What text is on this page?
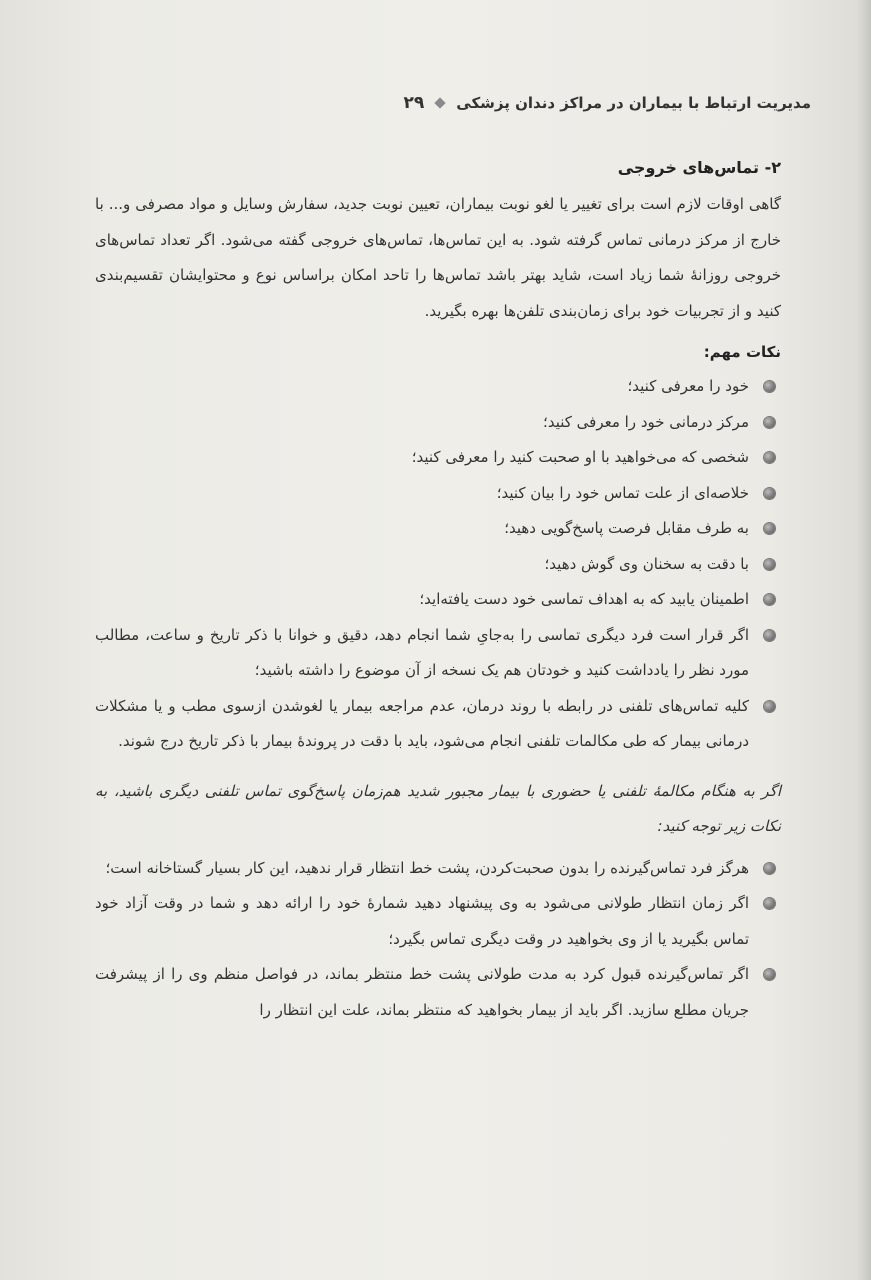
۲۹ مدیریت ارتباط با بیماران در مراکز دندان پزشکی
۲- تماس‌های خروجی

گاهی اوقات لازم است برای تغییر یا لغو نوبت بیماران، تعیین نوبت جدید، سفارش وسایل و مواد مصرفی و... با خارج از مرکز درمانی تماس گرفته شود. به این تماس‌ها، تماس‌های خروجی گفته می‌شود. اگر تعداد تماس‌های خروجی روزانهٔ شما زیاد است، شاید بهتر باشد تماس‌ها را تاحد امکان براساس نوع و محتوایشان تقسیم‌بندی کنید و از تجربیات خود برای زمان‌بندی تلفن‌ها بهره بگیرید.

نکات مهم:
خود را معرفی کنید؛
مرکز درمانی خود را معرفی کنید؛
شخصی که می‌خواهید با او صحبت کنید را معرفی کنید؛
خلاصه‌ای از علت تماس خود را بیان کنید؛
به طرف مقابل فرصت پاسخ‌گویی دهید؛
با دقت به سخنان وی گوش دهید؛
اطمینان یابید که به اهداف تماسی خود دست یافته‌اید؛
اگر قرار است فرد دیگری تماسی را به‌جایِ شما انجام دهد، دقیق و خوانا با ذکر تاریخ و ساعت، مطالب مورد نظر را یادداشت کنید و خودتان هم یک نسخه از آن موضوع را داشته باشید؛
کلیه تماس‌های تلفنی در رابطه با روند درمان، عدم مراجعه بیمار یا لغوشدن ازسوی مطب و یا مشکلات درمانی بیمار که طی مکالمات تلفنی انجام می‌شود، باید با دقت در پروندهٔ بیمار با ذکر تاریخ درج شوند.

اگر به هنگام مکالمهٔ تلفنی یا حضوری با بیمار مجبور شدید هم‌زمان پاسخ‌گوی تماس تلفنی دیگری باشید، به نکات زیر توجه کنید:

هرگز فرد تماس‌گیرنده را بدون صحبت‌کردن، پشت خط انتظار قرار ندهید، این کار بسیار گستاخانه است؛
اگر زمان انتظار طولانی می‌شود به وی پیشنهاد دهید شمارهٔ خود را ارائه دهد و شما در وقت آزاد خود تماس بگیرید یا از وی بخواهید در وقت دیگری تماس بگیرد؛
اگر تماس‌گیرنده قبول کرد به مدت طولانی پشت خط منتظر بماند، در فواصل منظم وی را از پیشرفت جریان مطلع سازید. اگر باید از بیمار بخواهید که منتظر بماند، علت این انتظار را
